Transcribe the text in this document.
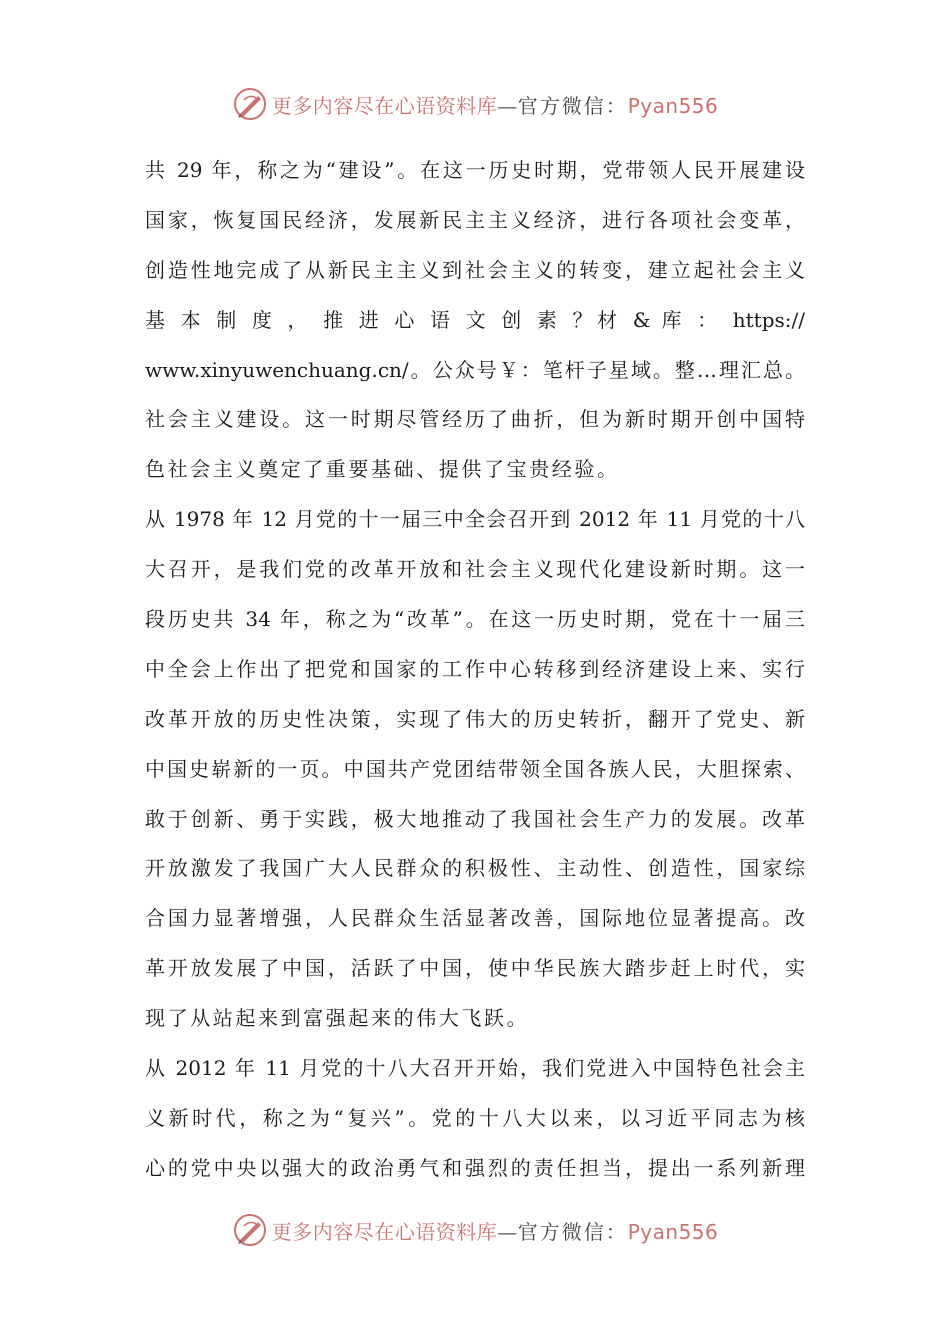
更多内容尽在心语资料库—官方微信：Pyan556
共 29 年，称之为“建设”。在这一历史时期，党带领人民开展建设
国家，恢复国民经济，发展新民主主义经济，进行各项社会变革，
创造性地完成了从新民主主义到社会主义的转变，建立起社会主义
基 本 制 度 ， 推 进 心 语 文 创 素 ？材 & 库 ： https://
www.xinyuwenchuang.cn/。公众号￥：笔杆子星域。整…理汇总。
社会主义建设。这一时期尽管经历了曲折，但为新时期开创中国特
色社会主义奠定了重要基础、提供了宝贵经验。
从 1978 年 12 月党的十一届三中全会召开到 2012 年 11 月党的十八
大召开，是我们党的改革开放和社会主义现代化建设新时期。这一
段历史共 34 年，称之为“改革”。在这一历史时期，党在十一届三
中全会上作出了把党和国家的工作中心转移到经济建设上来、实行
改革开放的历史性决策，实现了伟大的历史转折，翻开了党史、新
中国史崭新的一页。中国共产党团结带领全国各族人民，大胆探索、
敢于创新、勇于实践，极大地推动了我国社会生产力的发展。改革
开放激发了我国广大人民群众的积极性、主动性、创造性，国家综
合国力显著增强，人民群众生活显著改善，国际地位显著提高。改
革开放发展了中国，活跃了中国，使中华民族大踏步赶上时代，实
现了从站起来到富强起来的伟大飞跃。
从 2012 年 11 月党的十八大召开开始，我们党进入中国特色社会主
义新时代，称之为“复兴”。党的十八大以来，以习近平同志为核
心的党中央以强大的政治勇气和强烈的责任担当，提出一系列新理
更多内容尽在心语资料库—官方微信：Pyan556
